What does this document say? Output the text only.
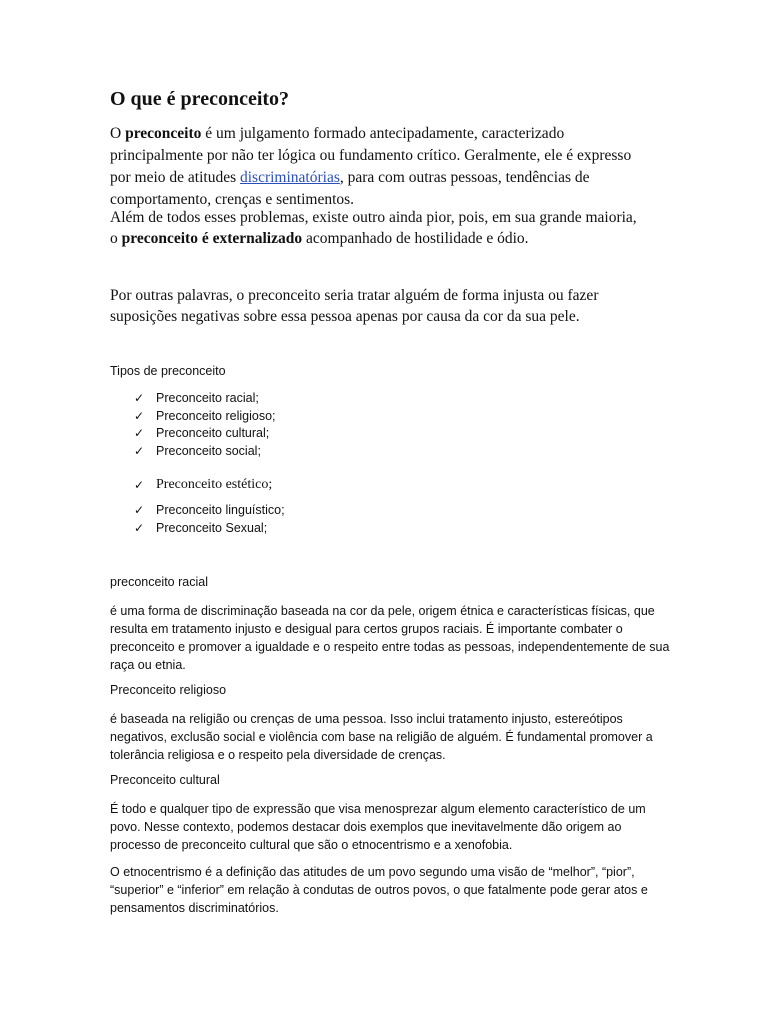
O que é preconceito?

O preconceito é um julgamento formado antecipadamente, caracterizado principalmente por não ter lógica ou fundamento crítico. Geralmente, ele é expresso por meio de atitudes discriminatórias, para com outras pessoas, tendências de comportamento, crenças e sentimentos.

Além de todos esses problemas, existe outro ainda pior, pois, em sua grande maioria, o preconceito é externalizado acompanhado de hostilidade e ódio.

Por outras palavras, o preconceito seria tratar alguém de forma injusta ou fazer suposições negativas sobre essa pessoa apenas por causa da cor da sua pele.

Tipos de preconceito

✓ Preconceito racial;
✓ Preconceito religioso;
✓ Preconceito cultural;
✓ Preconceito social;
✓ Preconceito estético;
✓ Preconceito linguístico;
✓ Preconceito Sexual;

preconceito racial

é uma forma de discriminação baseada na cor da pele, origem étnica e características físicas, que resulta em tratamento injusto e desigual para certos grupos raciais. É importante combater o preconceito e promover a igualdade e o respeito entre todas as pessoas, independentemente de sua raça ou etnia.

Preconceito religioso

é baseada na religião ou crenças de uma pessoa. Isso inclui tratamento injusto, estereótipos negativos, exclusão social e violência com base na religião de alguém. É fundamental promover a tolerância religiosa e o respeito pela diversidade de crenças.

Preconceito cultural

É todo e qualquer tipo de expressão que visa menosprezar algum elemento característico de um povo. Nesse contexto, podemos destacar dois exemplos que inevitavelmente dão origem ao processo de preconceito cultural que são o etnocentrismo e a xenofobia.

O etnocentrismo é a definição das atitudes de um povo segundo uma visão de “melhor”, “pior”, “superior” e “inferior” em relação à condutas de outros povos, o que fatalmente pode gerar atos e pensamentos discriminatórios.
